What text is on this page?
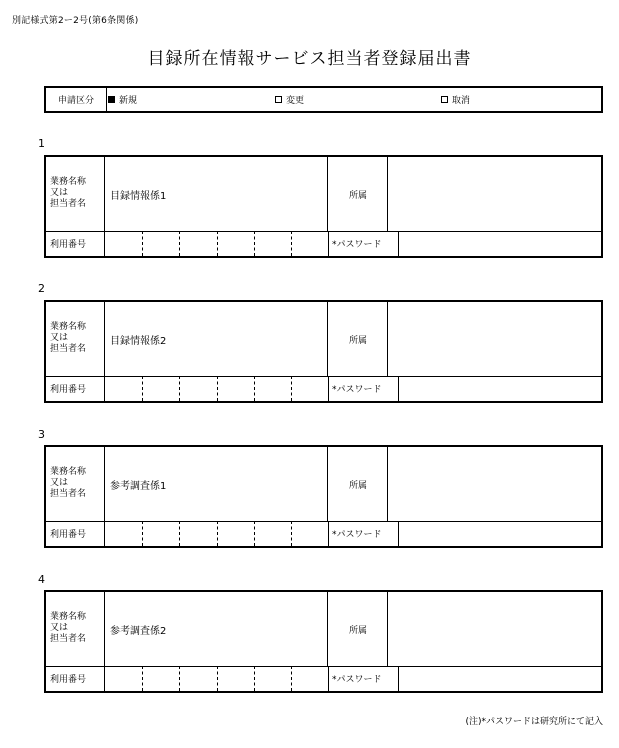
別記様式第2ー2号(第6条関係)
目録所在情報サービス担当者登録届出書
申請区分	新規	変更	取消
1
業務名称
又は
担当者名
目録情報係1	所属
利用番号	*パスワード
2
業務名称
又は
担当者名
目録情報係2	所属
利用番号	*パスワード
3
業務名称
又は
担当者名
参考調査係1	所属
利用番号	*パスワード
4
業務名称
又は
担当者名
参考調査係2	所属
利用番号	*パスワード
(注)*パスワードは研究所にて記入
